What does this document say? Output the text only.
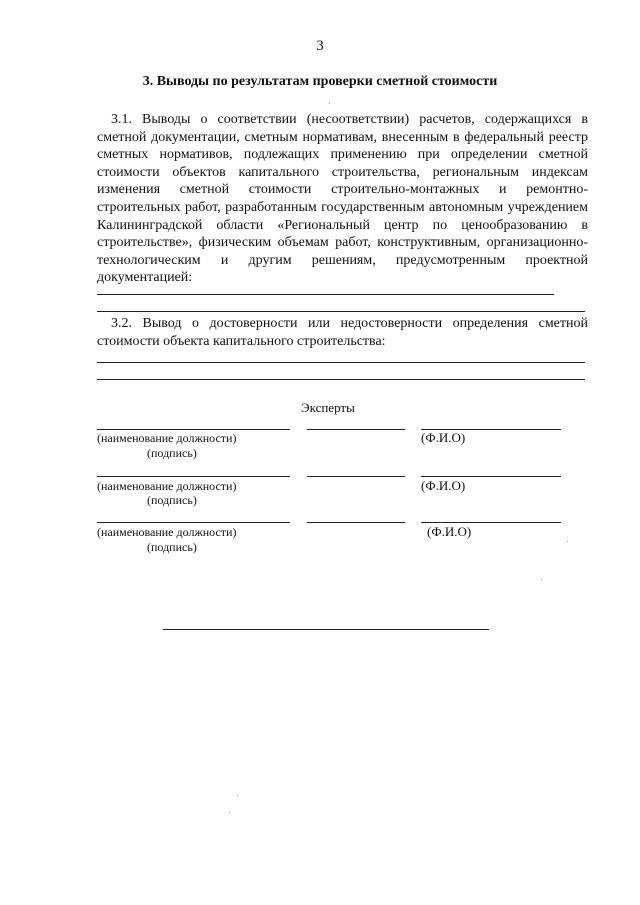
3
3. Выводы по результатам проверки сметной стоимости
3.1. Выводы о соответствии (несоответствии) расчетов, содержащихся в сметной документации, сметным нормативам, внесенным в федеральный реестр сметных нормативов, подлежащих применению при определении сметной стоимости объектов капитального строительства, региональным индексам изменения сметной стоимости строительно-монтажных и ремонтно-строительных работ, разработанным государственным автономным учреждением Калининградской области «Региональный центр по ценообразованию в строительстве», физическим объемам работ, конструктивным, организационно-технологическим и другим решениям, предусмотренным проектной документацией:
3.2. Вывод о достоверности или недостоверности определения сметной
стоимости объекта капитального строительства:
Эксперты
(наименование должности)
(подпись)
(Ф.И.О)
(наименование должности)
(подпись)
(Ф.И.О)
(наименование должности)
(подпись)
(Ф.И.О)
